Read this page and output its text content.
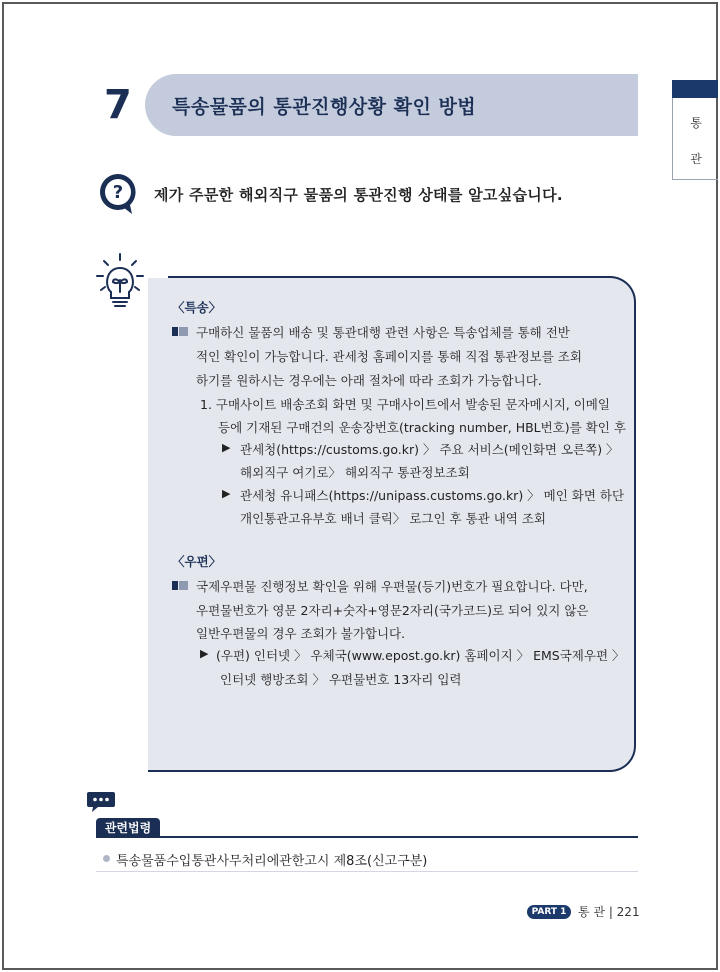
통
관
7 특송물품의 통관진행상황 확인 방법
? 제가 주문한 해외직구 물품의 통관진행 상태를 알고싶습니다.
〈특송〉
구매하신 물품의 배송 및 통관대행 관련 사항은 특송업체를 통해 전반
적인 확인이 가능합니다. 관세청 홈페이지를 통해 직접 통관정보를 조회
하기를 원하시는 경우에는 아래 절차에 따라 조회가 가능합니다.
1. 구매사이트 배송조회 화면 및 구매사이트에서 발송된 문자메시지, 이메일
등에 기재된 구매건의 운송장번호(tracking number, HBL번호)를 확인 후
▶ 관세청(https://customs.go.kr) 〉 주요 서비스(메인화면 오른쪽) 〉
해외직구 여기로〉 해외직구 통관정보조회
▶ 관세청 유니패스(https://unipass.customs.go.kr) 〉 메인 화면 하단
개인통관고유부호 배너 클릭〉 로그인 후 통관 내역 조회
〈우편〉
국제우편물 진행정보 확인을 위해 우편물(등기)번호가 필요합니다. 다만,
우편물번호가 영문 2자리+숫자+영문2자리(국가코드)로 되어 있지 않은
일반우편물의 경우 조회가 불가합니다.
▶ (우편) 인터넷 〉 우체국(www.epost.go.kr) 홈페이지 〉 EMS국제우편 〉
인터넷 행방조회 〉 우편물번호 13자리 입력
관련법령
특송물품수입통관사무처리에관한고시 제8조(신고구분)
PART 1 통 관 | 221
